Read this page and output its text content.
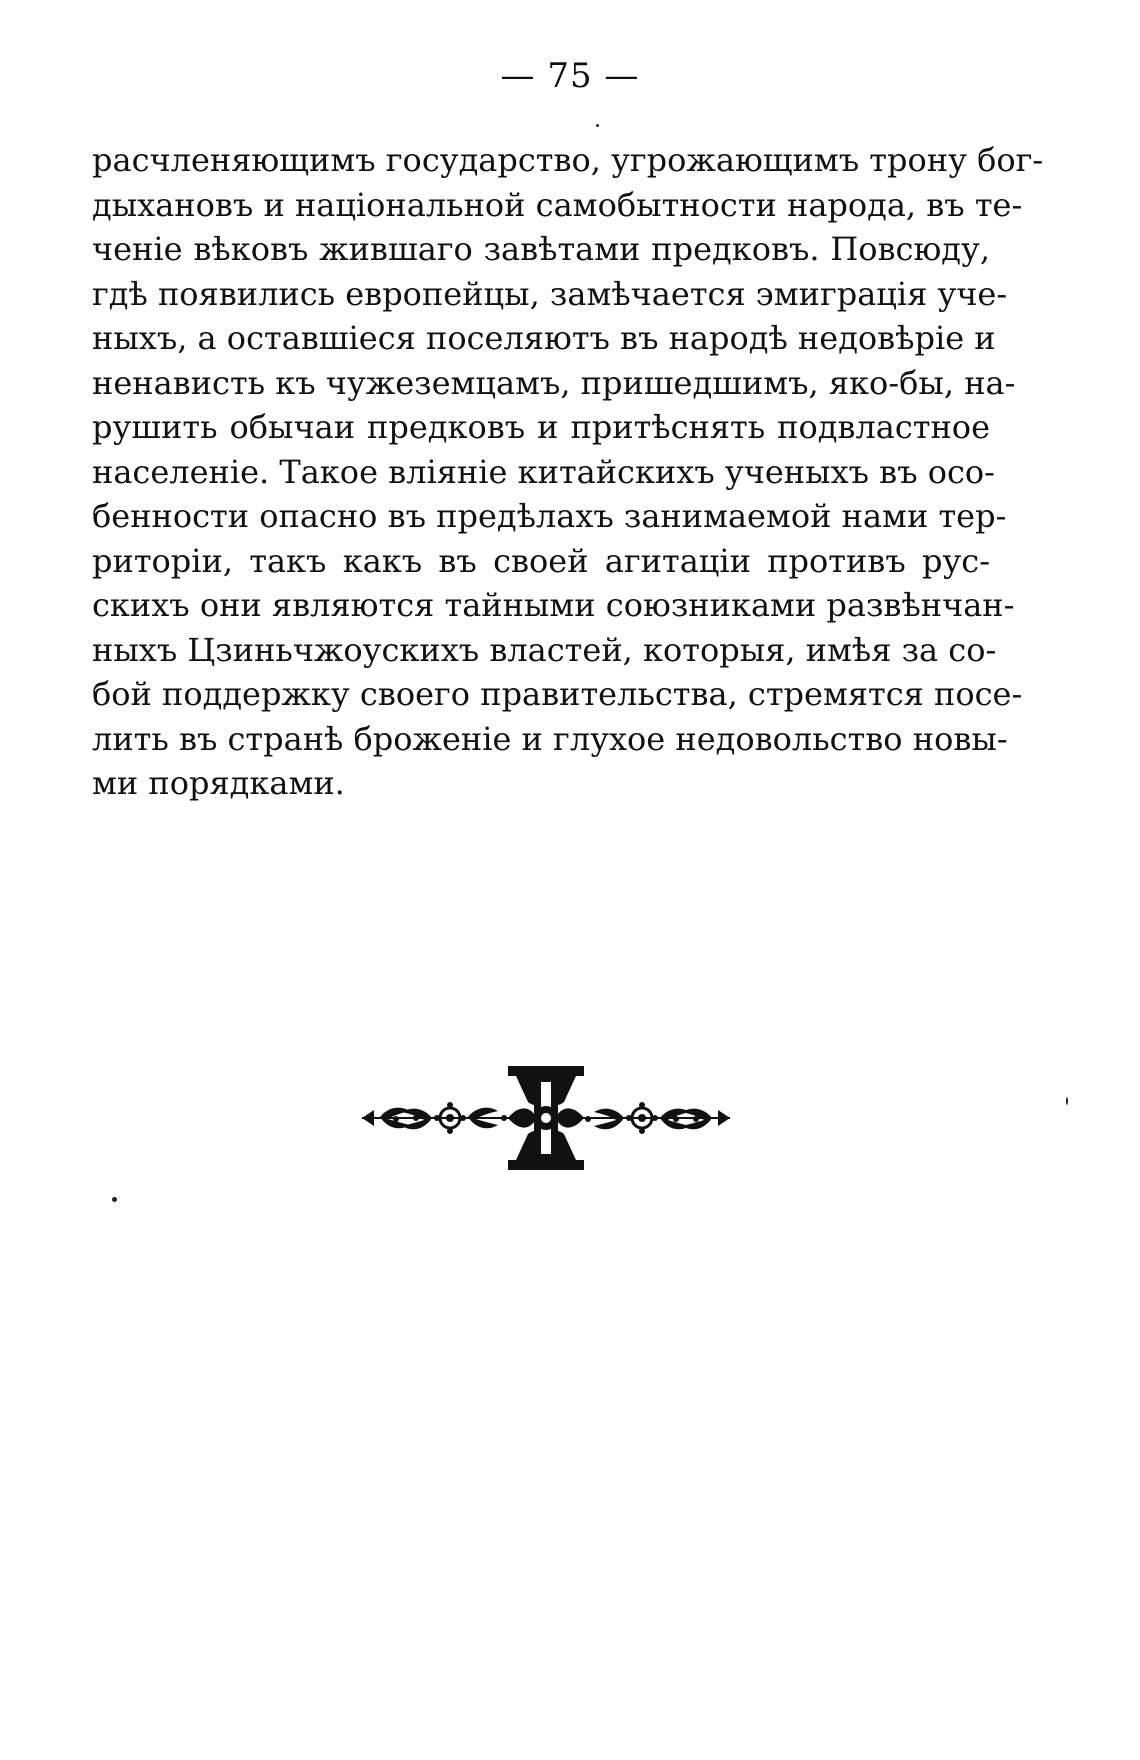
— 75 —
расчленяющимъ государство, угрожающимъ трону бог-
дыхановъ и національной самобытности народа, въ те-
ченіе вѣковъ жившаго завѣтами предковъ. Повсюду,
гдѣ появились европейцы, замѣчается эмиграція уче-
ныхъ, а оставшіеся поселяютъ въ народѣ недовѣріе и
ненависть къ чужеземцамъ, пришедшимъ, яко-бы, на-
рушить обычаи предковъ и притѣснять подвластное
населеніе. Такое вліяніе китайскихъ ученыхъ въ осо-
бенности опасно въ предѣлахъ занимаемой нами тер-
риторіи, такъ какъ въ своей агитаціи противъ рус-
скихъ они являются тайными союзниками развѣнчан-
ныхъ Цзиньчжоускихъ властей, которыя, имѣя за со-
бой поддержку своего правительства, стремятся посе-
лить въ странѣ броженіе и глухое недовольство новы-
ми порядками.
